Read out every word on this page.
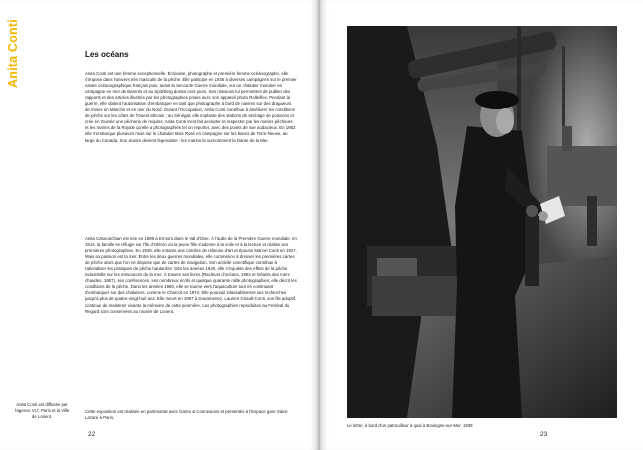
Anita Conti	Les océans

Anita Conti est une femme exceptionnelle. Écrivaine, photographe et première femme océanographe, elle s'impose dans l'univers très masculin de la pêche. Elle participe en 1935 à diverses campagnes sur le premier navire océanographique français puis, avant la Seconde Guerre mondiale, sur un chalutier morutier en campagne en mer de Barents et au Spitzberg durant cent jours. Ses missions lui permettent de publier des rapports et des articles illustrés par les photographies prises avec son appareil photo Rolleiflex. Pendant la guerre, elle obtient l'autorisation d'embarquer en tant que photographe à bord de navires sur des dragueurs de mines en Manche et en mer du Nord. Durant l'Occupation, Anita Conti contribue à améliorer les conditions de pêche sur les côtes de l'Ouest africain ; au Sénégal, elle implante des stations de séchage de poissons et crée en Guinée une pêcherie de requins. Anita Conti s'est fait accepter et respecter par les marins pêcheurs et les marins de la Royale qu'elle a photographiés tel un reporter, avec des points de vue audacieux. En 1952 elle s'embarque plusieurs mois sur le chalutier Bois Rosé en campagne sur les bancs de Terre-Neuve, au large du Canada. Son œuvre devient légendaire : les marins la surnomment la Dame de la Mer.

Anita Caracotchian est née en 1899 à Ermont dans le Val d'Oise. À l'aube de la Première Guerre mondiale, en 1914, la famille se réfugie sur l'île d'Oléron où la jeune fille s'adonne à la voile et à la lecture et réalise ses premières photographies. En 1926, elle entame une carrière de relieuse d'art et épouse Marcel Conti en 1927. Mais sa passion est la mer. Entre les deux guerres mondiales, elle commence à dresser les premières cartes de pêche alors que l'on ne dispose que de cartes de navigation. Son activité scientifique contribue à rationaliser les pratiques de pêche hauturière. Dès les années 1940, elle s'inquiète des effets de la pêche industrielle sur les ressources de la mer. À travers ses livres (Racleurs d'océans, 1953 et Géants des mers chaudes, 1957), ses conférences, ses nombreux écrits et quelque quarante mille photographies, elle décrit les conditions de la pêche. Dans les années 1960, elle se tourne vers l'aquaculture tout en continuant d'embarquer sur des chalutiers, comme le Charcot en 1974. Elle poursuit inlassablement ses recherches jusqu'à plus de quatre-vingt-huit ans. Elle meurt en 1997 à Douarnenez. Laurent Girault-Conti, son fils adoptif, continue de maintenir vivante la mémoire de cette pionnière. Les photographies reproduites au Festival du Regard sont conservées au musée de Lorient.

Cette exposition est réalisée en partenariat avec Gares & Connexions et présentée à l'Espace gare Saint-Lazare à Paris.

Anita Conti est diffusée par l'agence VU', Paris et la Ville de Lorient.
22
Le lettre, à bord d'un patrouilleur à quai à Boulogne-sur-Mer, 1939
23
